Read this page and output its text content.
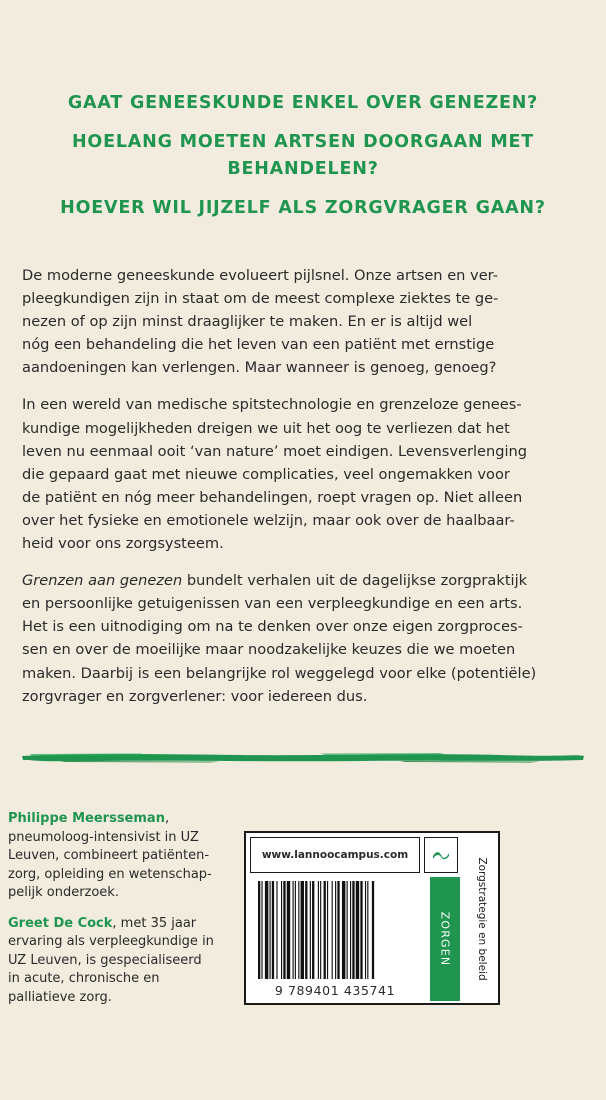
GAAT GENEESKUNDE ENKEL OVER GENEZEN?
HOELANG MOETEN ARTSEN DOORGAAN MET
BEHANDELEN?
HOEVER WIL JIJZELF ALS ZORGVRAGER GAAN?

De moderne geneeskunde evolueert pijlsnel. Onze artsen en ver-
pleegkundigen zijn in staat om de meest complexe ziektes te ge-
nezen of op zijn minst draaglijker te maken. En er is altijd wel
nóg een behandeling die het leven van een patiënt met ernstige
aandoeningen kan verlengen. Maar wanneer is genoeg, genoeg?

In een wereld van medische spitstechnologie en grenzeloze genees-
kundige mogelijkheden dreigen we uit het oog te verliezen dat het
leven nu eenmaal ooit ‘van nature’ moet eindigen. Levensverlenging
die gepaard gaat met nieuwe complicaties, veel ongemakken voor
de patiënt en nóg meer behandelingen, roept vragen op. Niet alleen
over het fysieke en emotionele welzijn, maar ook over de haalbaar-
heid voor ons zorgsysteem.

Grenzen aan genezen bundelt verhalen uit de dagelijkse zorgpraktijk
en persoonlijke getuigenissen van een verpleegkundige en een arts.
Het is een uitnodiging om na te denken over onze eigen zorgproces-
sen en over de moeilijke maar noodzakelijke keuzes die we moeten
maken. Daarbij is een belangrijke rol weggelegd voor elke (potentiële)
zorgvrager en zorgverlener: voor iedereen dus.

Philippe Meersseman,
pneumoloog-intensivist in UZ
Leuven, combineert patiënten-
zorg, opleiding en wetenschap-
pelijk onderzoek.
Greet De Cock, met 35 jaar
ervaring als verpleegkundige in
UZ Leuven, is gespecialiseerd
in acute, chronische en
palliatieve zorg.
www.lannoocampus.com
9 789401 435741
ZORGEN Zorgstrategie en beleid
